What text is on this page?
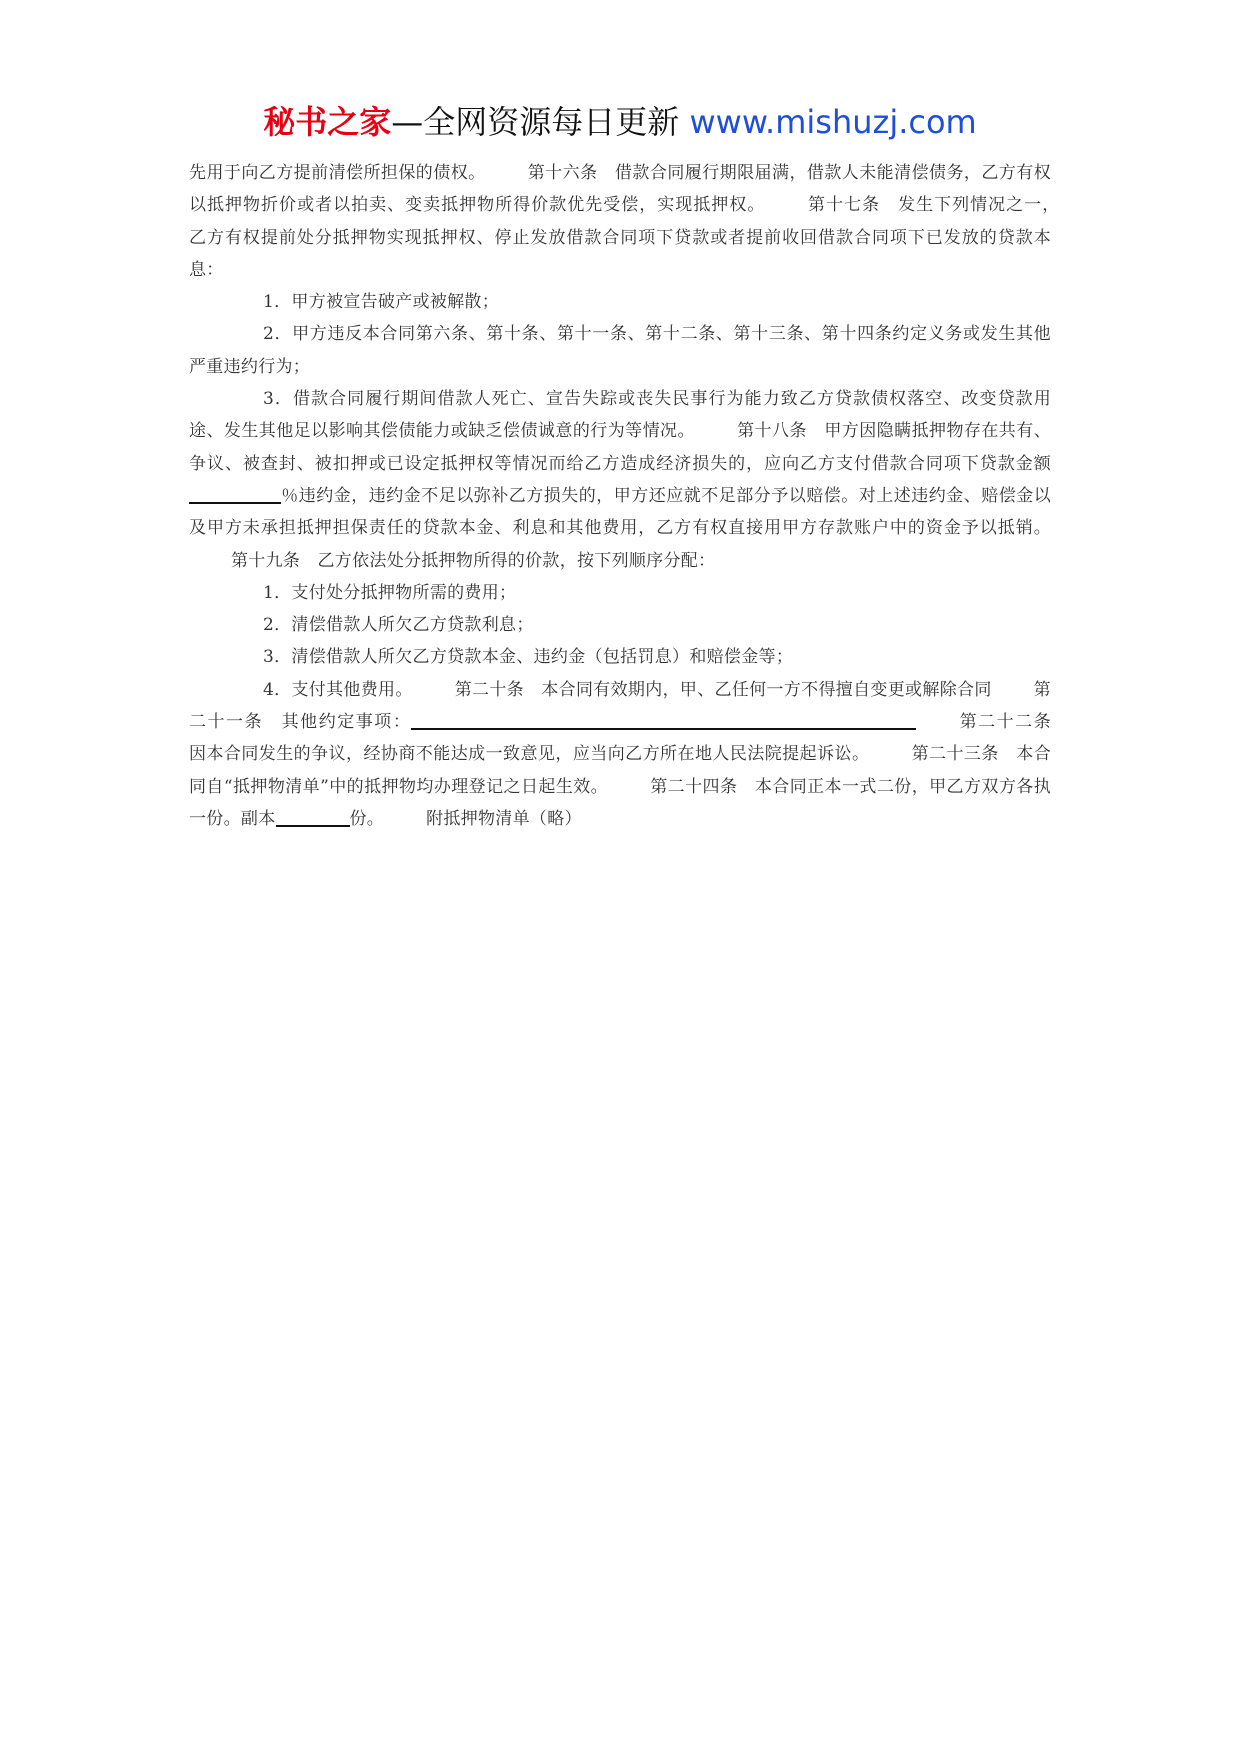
秘书之家—全网资源每日更新 www.mishuzj.com

先用于向乙方提前清偿所担保的债权。 第十六条　借款合同履行期限届满，借款人未能清偿债务，乙方有权以抵押物折价或者以拍卖、变卖抵押物所得价款优先受偿，实现抵押权。 第十七条　发生下列情况之一，　乙方有权提前处分抵押物实现抵押权、停止发放借款合同项下贷款或者提前收回借款合同项下已发放的贷款本息：

1．甲方被宣告破产或被解散；

2．甲方违反本合同第六条、第十条、第十一条、第十二条、第十三条、第十四条约定义务或发生其他严重违约行为；

3．借款合同履行期间借款人死亡、宣告失踪或丧失民事行为能力致乙方贷款债权落空、改变贷款用途、发生其他足以影响其偿债能力或缺乏偿债诚意的行为等情况。 第十八条　甲方因隐瞒抵押物存在共有、争议、被查封、被扣押或已设定抵押权等情况而给乙方造成经济损失的，应向乙方支付借款合同项下贷款金额％违约金，违约金不足以弥补乙方损失的，甲方还应就不足部分予以赔偿。对上述违约金、赔偿金以及甲方未承担抵押担保责任的贷款本金、利息和其他费用，乙方有权直接用甲方存款账户中的资金予以抵销。第十九条　乙方依法处分抵押物所得的价款，按下列顺序分配：

1．支付处分抵押物所需的费用；

2．清偿借款人所欠乙方贷款利息；

3．清偿借款人所欠乙方贷款本金、违约金（包括罚息）和赔偿金等；

4．支付其他费用。 第二十条　本合同有效期内，甲、乙任何一方不得擅自变更或解除合同 第二十一条　其他约定事项：	第二十二条　因本合同发生的争议，经协商不能达成一致意见，应当向乙方所在地人民法院提起诉讼。 第二十三条　本合同自“抵押物清单”中的抵押物均办理登记之日起生效。 第二十四条　本合同正本一式二份，甲乙方双方各执一份。副本	份。 附抵押物清单（略）
